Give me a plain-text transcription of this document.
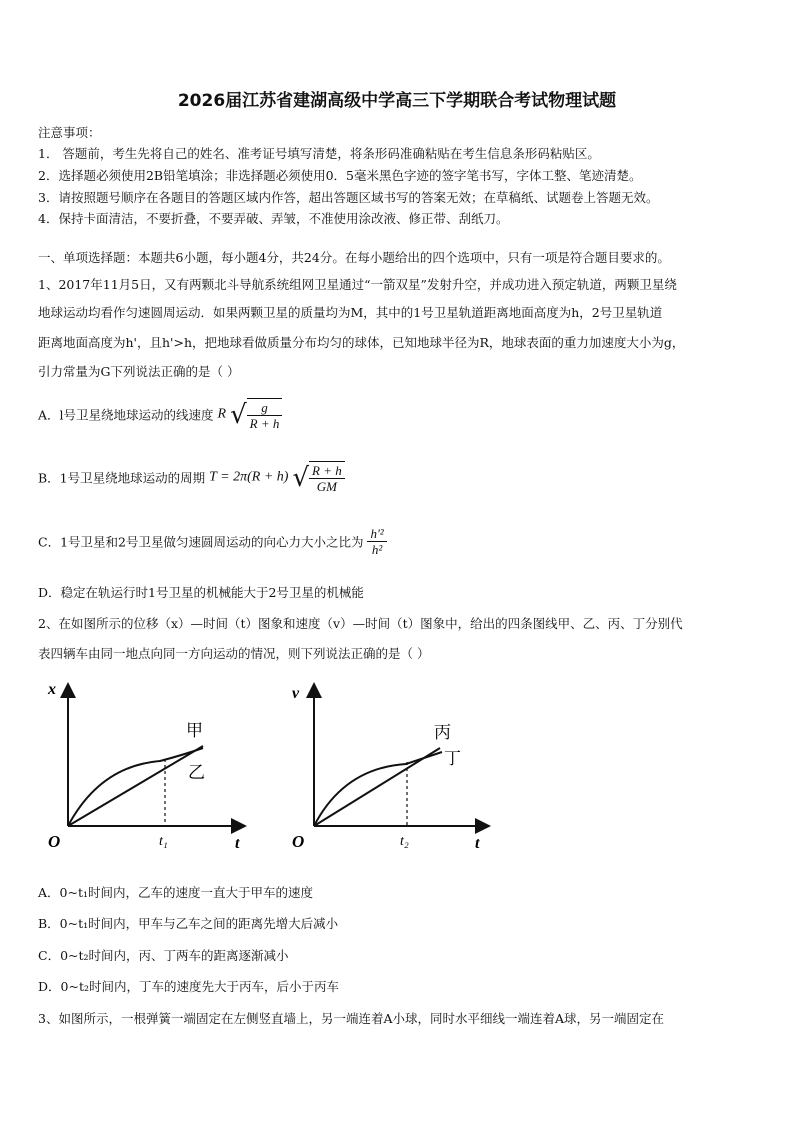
2026届江苏省建湖高级中学高三下学期联合考试物理试题
注意事项：
1． 答题前，考生先将自己的姓名、准考证号填写清楚，将条形码准确粘贴在考生信息条形码粘贴区。
2．选择题必须使用2B铅笔填涂；非选择题必须使用0．5毫米黑色字迹的签字笔书写，字体工整、笔迹清楚。
3．请按照题号顺序在各题目的答题区域内作答，超出答题区域书写的答案无效；在草稿纸、试题卷上答题无效。
4．保持卡面清洁，不要折叠，不要弄破、弄皱，不准使用涂改液、修正带、刮纸刀。
一、单项选择题：本题共6小题，每小题4分，共24分。在每小题给出的四个选项中，只有一项是符合题目要求的。
1、2017年11月5日，又有两颗北斗导航系统组网卫星通过“一箭双星”发射升空，并成功进入预定轨道，两颗卫星绕
地球运动均看作匀速圆周运动．如果两颗卫星的质量均为M，其中的1号卫星轨道距离地面高度为h，2号卫星轨道
距离地面高度为h'，且h'>h，把地球看做质量分布均匀的球体，已知地球半径为R，地球表面的重力加速度大小为g，
引力常量为G下列说法正确的是（ ）
A．l号卫星绕地球运动的线速度 R √ $\frac{g}{R + h}$
B．1号卫星绕地球运动的周期 T = 2π(R + h) √ $\frac{R + h}{GM}$
C．1号卫星和2号卫星做匀速圆周运动的向心力大小之比为 $\frac{\text{h'²}}{\text{h²}}$
D．稳定在轨运行时1号卫星的机械能大于2号卫星的机械能
2、在如图所示的位移（x）—时间（t）图象和速度（v）—时间（t）图象中，给出的四条图线甲、乙、丙、丁分别代
表四辆车由同一地点向同一方向运动的情况，则下列说法正确的是（ ）
x
t
O	t₁
甲
乙
v
t
O	t₂
丙
丁
A．0~t₁时间内，乙车的速度一直大于甲车的速度
B．0~t₁时间内，甲车与乙车之间的距离先增大后减小
C．0~t₂时间内，丙、丁两车的距离逐渐减小
D．0~t₂时间内，丁车的速度先大于丙车，后小于丙车
3、如图所示，一根弹簧一端固定在左侧竖直墙上，另一端连着A小球，同时水平细线一端连着A球，另一端固定在
